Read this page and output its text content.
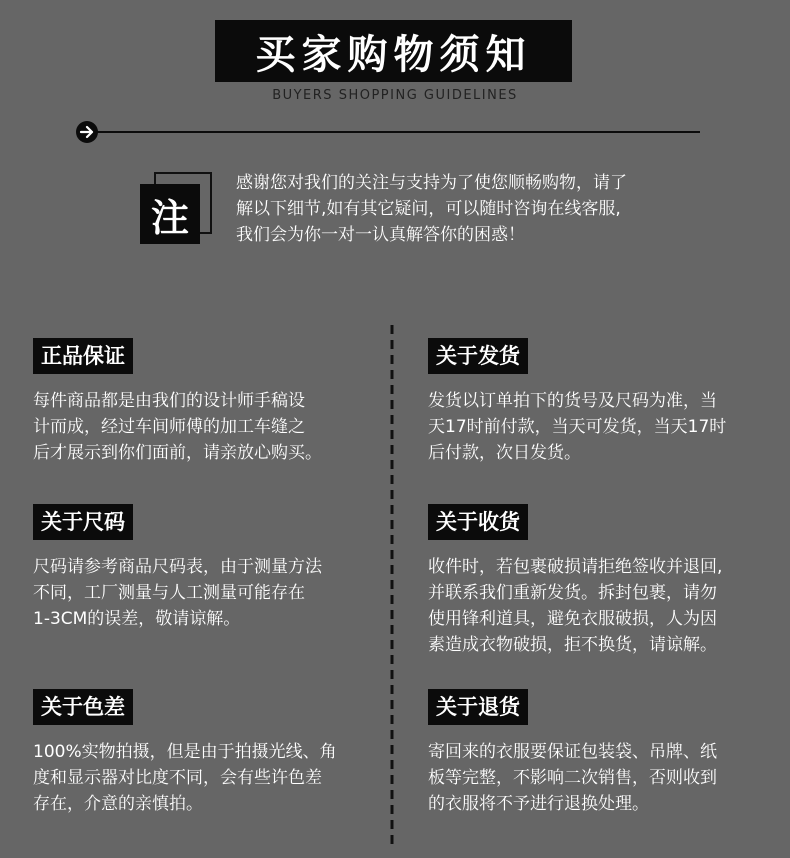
买家购物须知
BUYERS SHOPPING GUIDELINES
注
感谢您对我们的关注与支持为了使您顺畅购物，请了
解以下细节,如有其它疑问，可以随时咨询在线客服,
我们会为你一对一认真解答你的困惑！
正品保证
每件商品都是由我们的设计师手稿设
计而成，经过车间师傅的加工车缝之
后才展示到你们面前，请亲放心购买。
关于尺码
尺码请参考商品尺码表，由于测量方法
不同，工厂测量与人工测量可能存在
1-3CM的误差，敬请谅解。
关于色差
100%实物拍摄，但是由于拍摄光线、角
度和显示器对比度不同，会有些许色差
存在，介意的亲慎拍。
关于发货
发货以订单拍下的货号及尺码为准，当
天17时前付款，当天可发货，当天17时
后付款，次日发货。
关于收货
收件时，若包裹破损请拒绝签收并退回,
并联系我们重新发货。拆封包裹，请勿
使用锋利道具，避免衣服破损，人为因
素造成衣物破损，拒不换货，请谅解。
关于退货
寄回来的衣服要保证包装袋、吊牌、纸
板等完整，不影响二次销售，否则收到
的衣服将不予进行退换处理。
